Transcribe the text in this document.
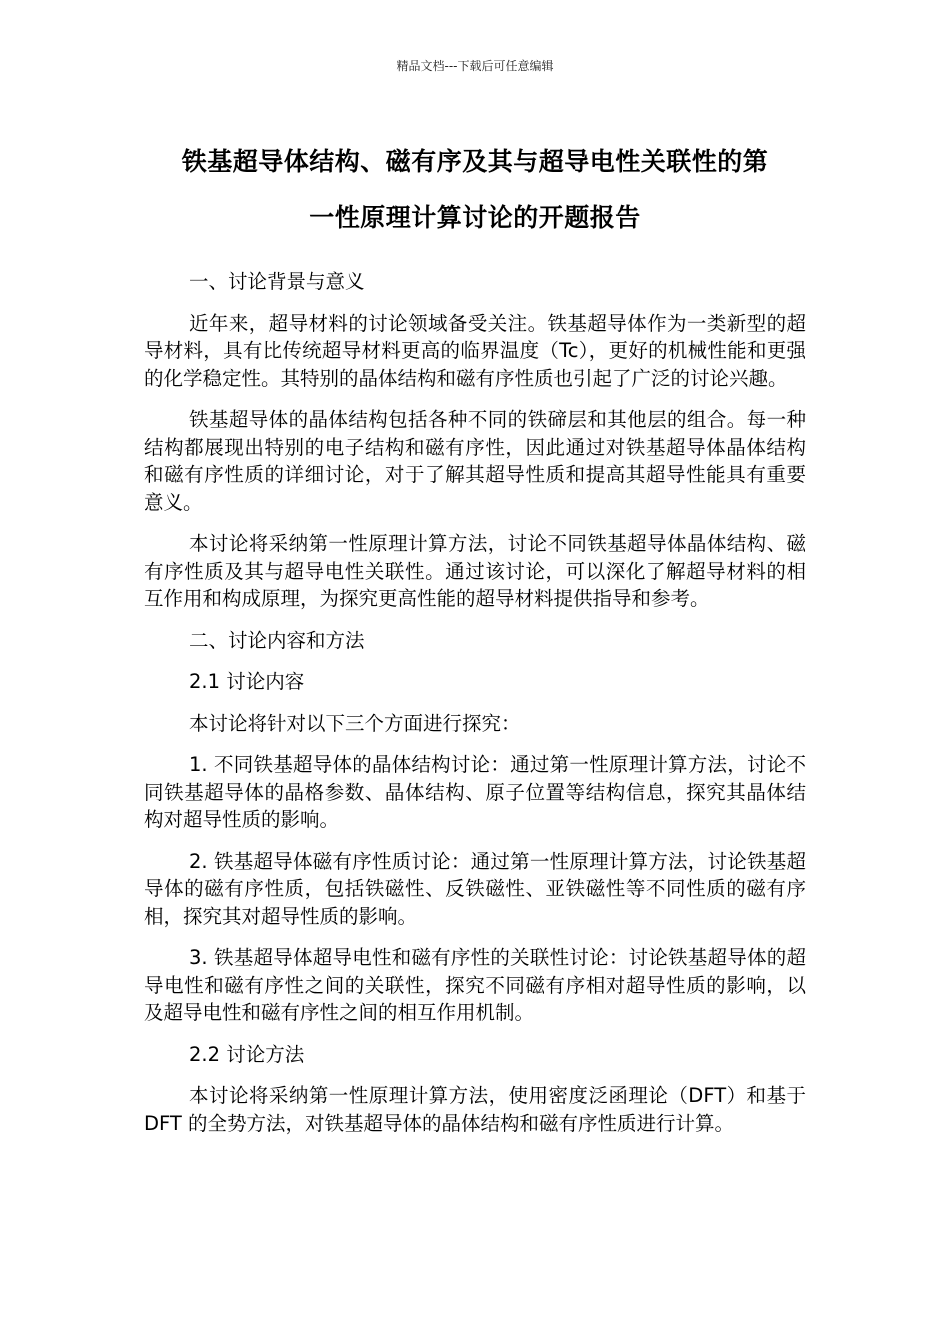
精品文档---下载后可任意编辑
铁基超导体结构、磁有序及其与超导电性关联性的第
一性原理计算讨论的开题报告
一、讨论背景与意义
近年来，超导材料的讨论领域备受关注。铁基超导体作为一类新型的超导材料，具有比传统超导材料更高的临界温度（Tc），更好的机械性能和更强的化学稳定性。其特别的晶体结构和磁有序性质也引起了广泛的讨论兴趣。
铁基超导体的晶体结构包括各种不同的铁碲层和其他层的组合。每一种结构都展现出特别的电子结构和磁有序性，因此通过对铁基超导体晶体结构和磁有序性质的详细讨论，对于了解其超导性质和提高其超导性能具有重要意义。
本讨论将采纳第一性原理计算方法，讨论不同铁基超导体晶体结构、磁有序性质及其与超导电性关联性。通过该讨论，可以深化了解超导材料的相互作用和构成原理，为探究更高性能的超导材料提供指导和参考。
二、讨论内容和方法
2.1 讨论内容
本讨论将针对以下三个方面进行探究：
1. 不同铁基超导体的晶体结构讨论：通过第一性原理计算方法，讨论不同铁基超导体的晶格参数、晶体结构、原子位置等结构信息，探究其晶体结构对超导性质的影响。
2. 铁基超导体磁有序性质讨论：通过第一性原理计算方法，讨论铁基超导体的磁有序性质，包括铁磁性、反铁磁性、亚铁磁性等不同性质的磁有序相，探究其对超导性质的影响。
3. 铁基超导体超导电性和磁有序性的关联性讨论：讨论铁基超导体的超导电性和磁有序性之间的关联性，探究不同磁有序相对超导性质的影响，以及超导电性和磁有序性之间的相互作用机制。
2.2 讨论方法
本讨论将采纳第一性原理计算方法，使用密度泛函理论（DFT）和基于 DFT 的全势方法，对铁基超导体的晶体结构和磁有序性质进行计算。
